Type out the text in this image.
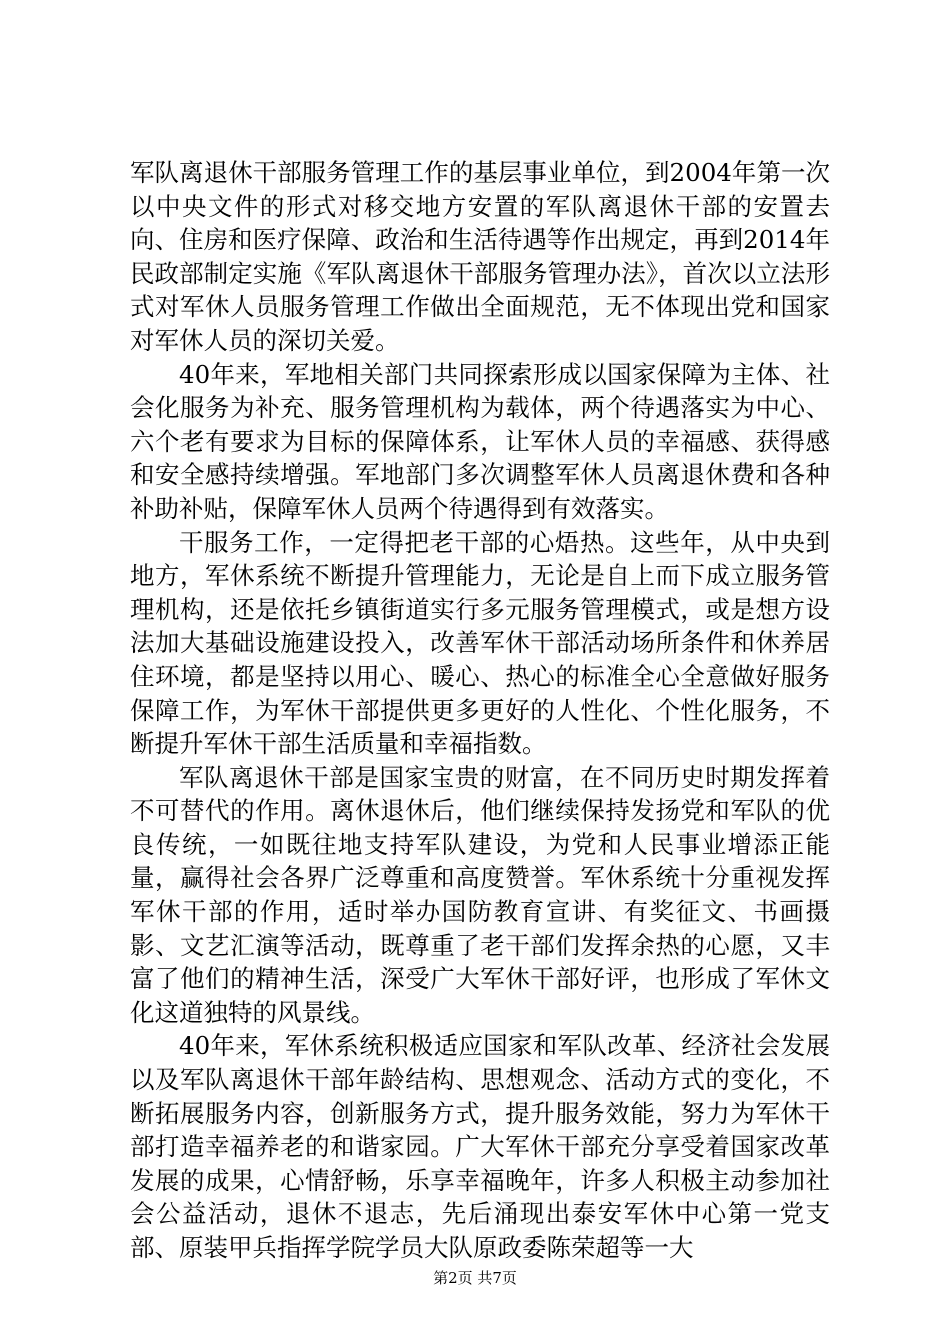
军队离退休干部服务管理工作的基层事业单位，到2004年第一次以中央文件的形式对移交地方安置的军队离退休干部的安置去向、住房和医疗保障、政治和生活待遇等作出规定，再到2014年民政部制定实施《军队离退休干部服务管理办法》，首次以立法形式对军休人员服务管理工作做出全面规范，无不体现出党和国家对军休人员的深切关爱。

40年来，军地相关部门共同探索形成以国家保障为主体、社会化服务为补充、服务管理机构为载体，两个待遇落实为中心、六个老有要求为目标的保障体系，让军休人员的幸福感、获得感和安全感持续增强。军地部门多次调整军休人员离退休费和各种补助补贴，保障军休人员两个待遇得到有效落实。

干服务工作，一定得把老干部的心焐热。这些年，从中央到地方，军休系统不断提升管理能力，无论是自上而下成立服务管理机构，还是依托乡镇街道实行多元服务管理模式，或是想方设法加大基础设施建设投入，改善军休干部活动场所条件和休养居住环境，都是坚持以用心、暖心、热心的标准全心全意做好服务保障工作，为军休干部提供更多更好的人性化、个性化服务，不断提升军休干部生活质量和幸福指数。

军队离退休干部是国家宝贵的财富，在不同历史时期发挥着不可替代的作用。离休退休后，他们继续保持发扬党和军队的优良传统，一如既往地支持军队建设，为党和人民事业增添正能量，赢得社会各界广泛尊重和高度赞誉。军休系统十分重视发挥军休干部的作用，适时举办国防教育宣讲、有奖征文、书画摄影、文艺汇演等活动，既尊重了老干部们发挥余热的心愿，又丰富了他们的精神生活，深受广大军休干部好评，也形成了军休文化这道独特的风景线。

40年来，军休系统积极适应国家和军队改革、经济社会发展以及军队离退休干部年龄结构、思想观念、活动方式的变化，不断拓展服务内容，创新服务方式，提升服务效能，努力为军休干部打造幸福养老的和谐家园。广大军休干部充分享受着国家改革发展的成果，心情舒畅，乐享幸福晚年，许多人积极主动参加社会公益活动，退休不退志，先后涌现出泰安军休中心第一党支部、原装甲兵指挥学院学员大队原政委陈荣超等一大

第2页 共7页
